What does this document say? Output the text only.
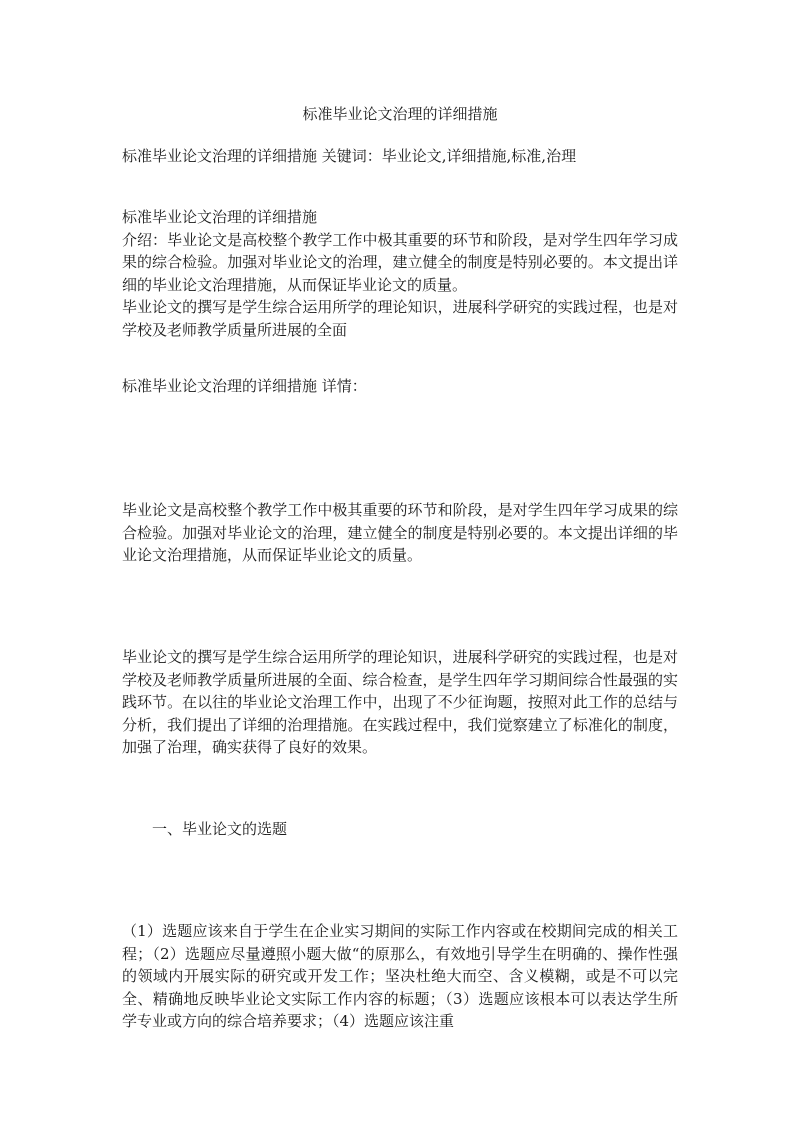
标准毕业论文治理的详细措施

标准毕业论文治理的详细措施 关键词：毕业论文,详细措施,标准,治理

标准毕业论文治理的详细措施

介绍：毕业论文是高校整个教学工作中极其重要的环节和阶段，是对学生四年学习成果的综合检验。加强对毕业论文的治理，建立健全的制度是特别必要的。本文提出详细的毕业论文治理措施，从而保证毕业论文的质量。

毕业论文的撰写是学生综合运用所学的理论知识，进展科学研究的实践过程，也是对学校及老师教学质量所进展的全面

标准毕业论文治理的详细措施 详情：

毕业论文是高校整个教学工作中极其重要的环节和阶段，是对学生四年学习成果的综合检验。加强对毕业论文的治理，建立健全的制度是特别必要的。本文提出详细的毕业论文治理措施，从而保证毕业论文的质量。

毕业论文的撰写是学生综合运用所学的理论知识，进展科学研究的实践过程，也是对学校及老师教学质量所进展的全面、综合检查，是学生四年学习期间综合性最强的实践环节。在以往的毕业论文治理工作中，出现了不少征询题，按照对此工作的总结与分析，我们提出了详细的治理措施。在实践过程中，我们觉察建立了标准化的制度，加强了治理，确实获得了良好的效果。

一、毕业论文的选题

（1）选题应该来自于学生在企业实习期间的实际工作内容或在校期间完成的相关工程；（2）选题应尽量遵照小题大做“的原那么，有效地引导学生在明确的、操作性强的领域内开展实际的研究或开发工作；坚决杜绝大而空、含义模糊，或是不可以完全、精确地反映毕业论文实际工作内容的标题；（3）选题应该根本可以表达学生所学专业或方向的综合培养要求；（4）选题应该注重
